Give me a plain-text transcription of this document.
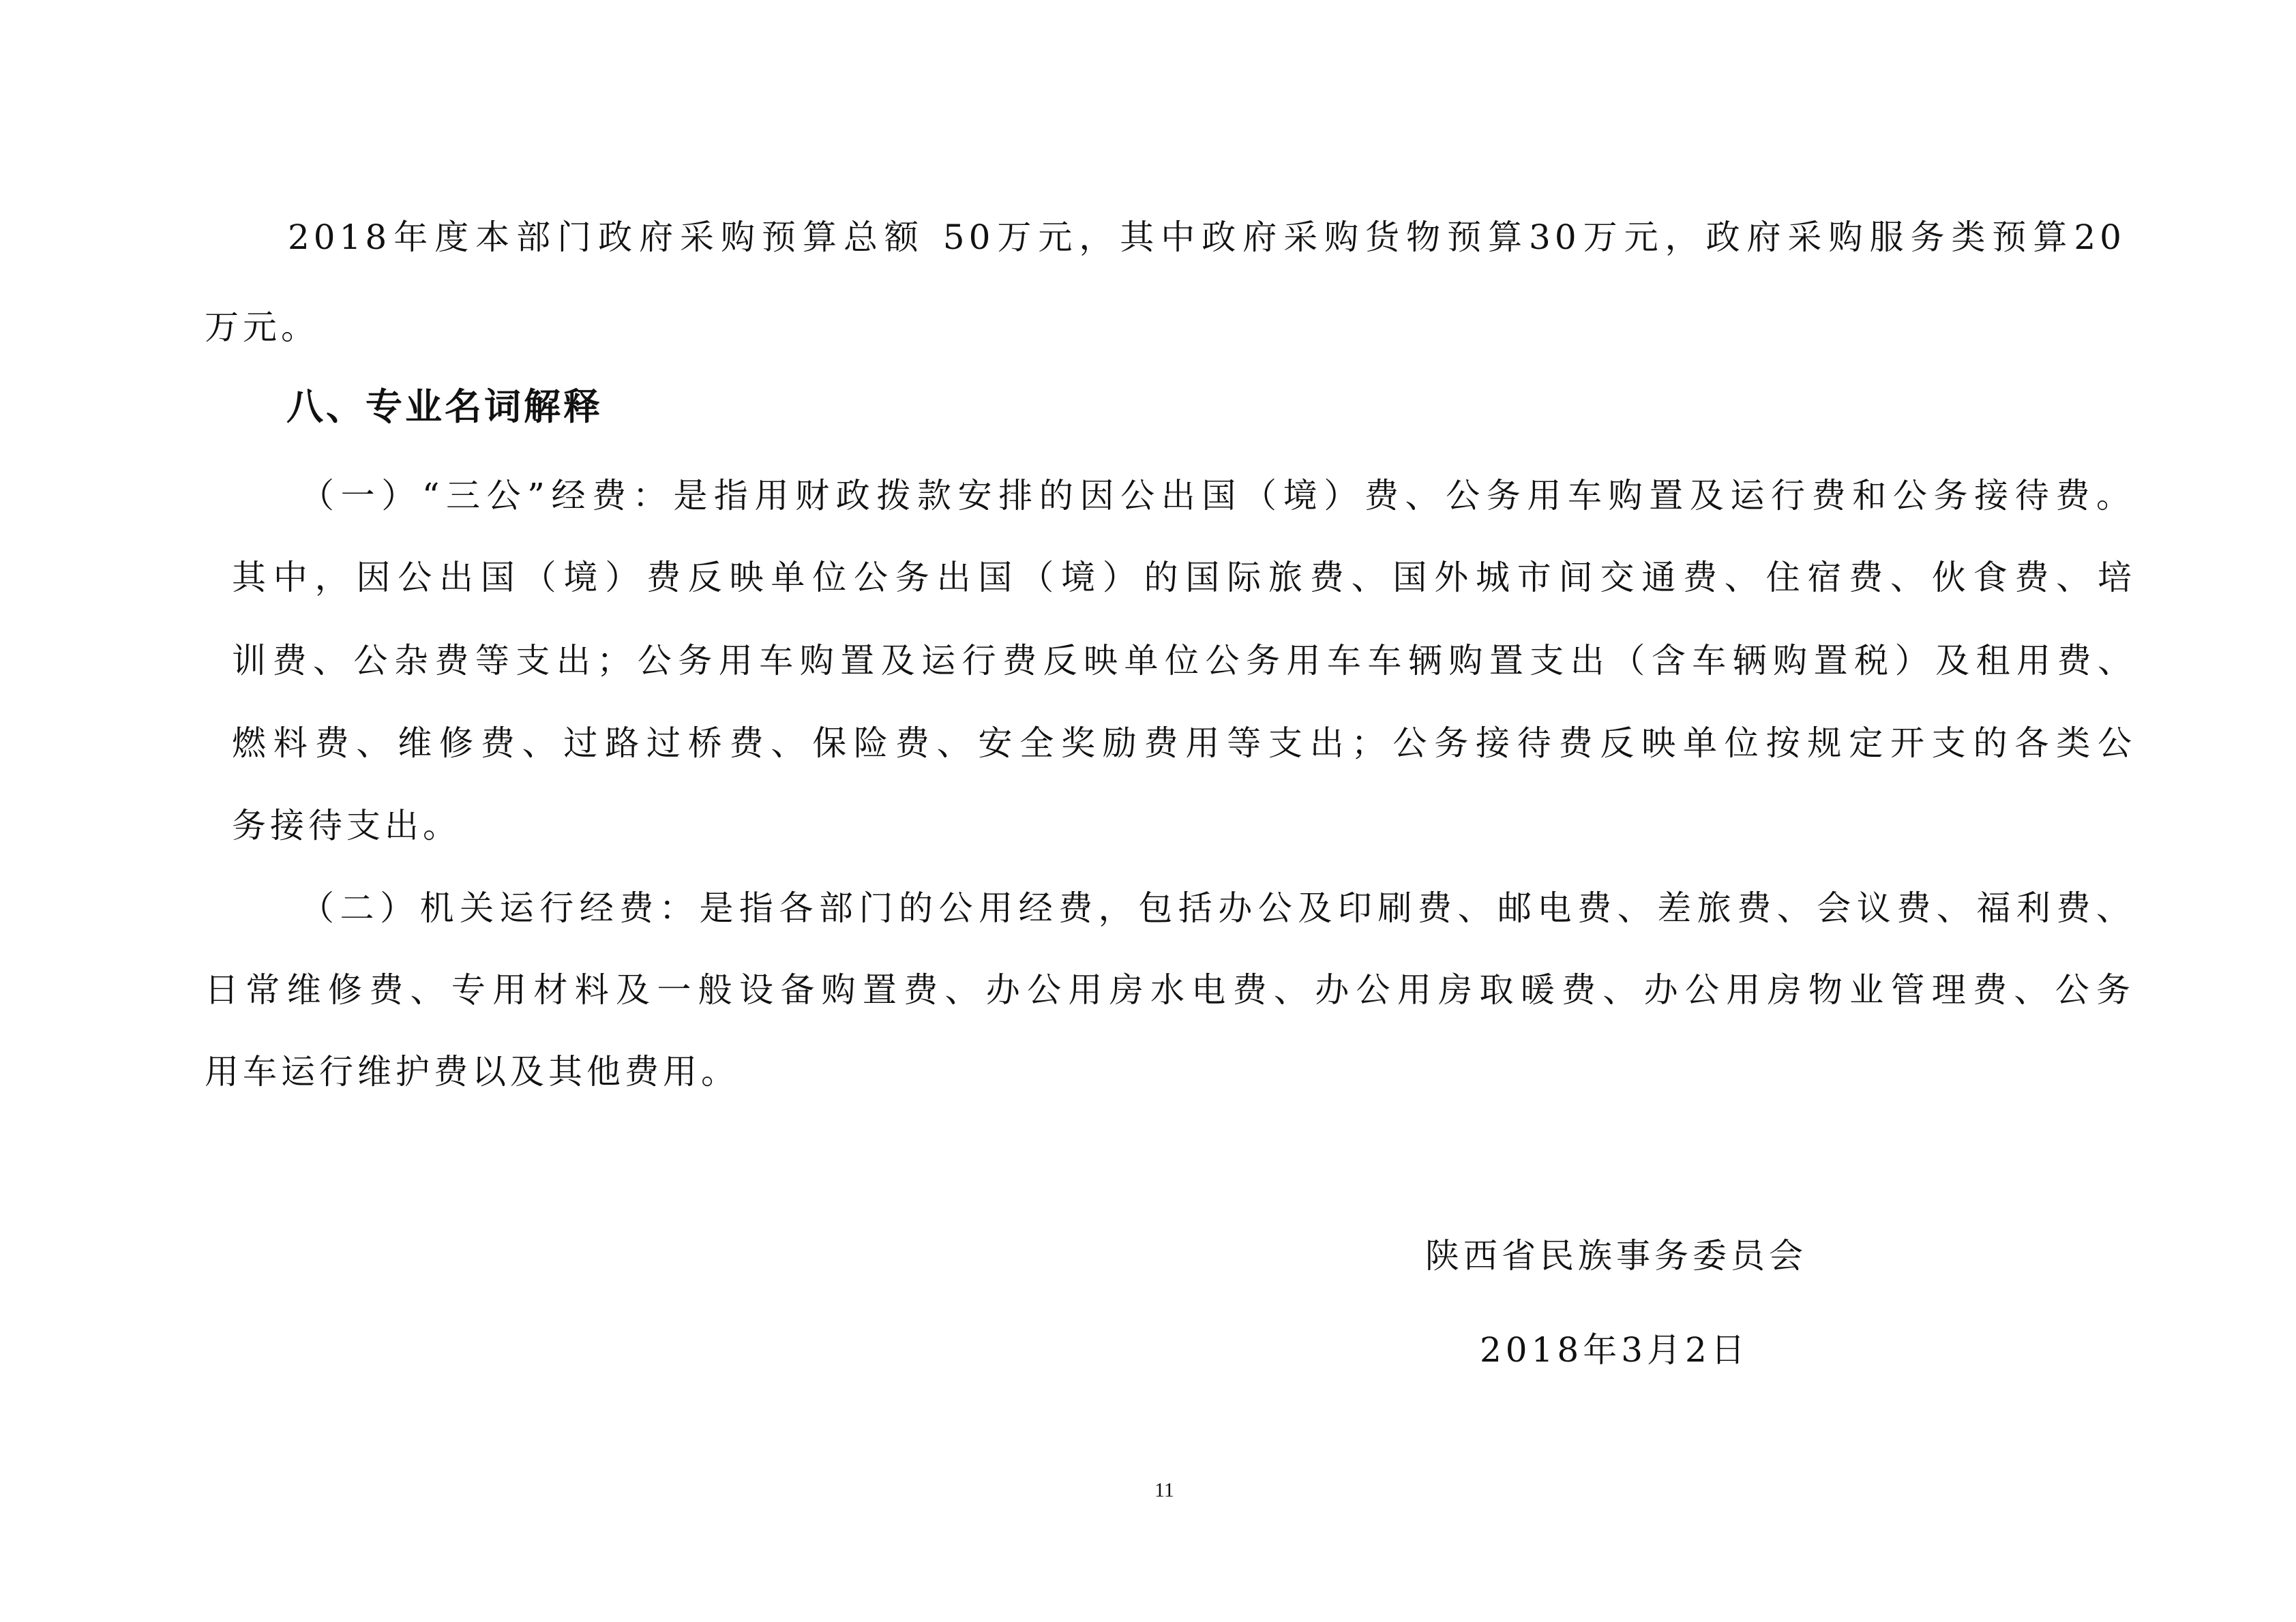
2018年度本部门政府采购预算总额 50万元，其中政府采购货物预算30万元，政府采购服务类预算20
万元。
八、专业名词解释
（一）“三公”经费：是指用财政拨款安排的因公出国（境）费、公务用车购置及运行费和公务接待费。
其中，因公出国（境）费反映单位公务出国（境）的国际旅费、国外城市间交通费、住宿费、伙食费、培
训费、公杂费等支出；公务用车购置及运行费反映单位公务用车车辆购置支出（含车辆购置税）及租用费、
燃料费、维修费、过路过桥费、保险费、安全奖励费用等支出；公务接待费反映单位按规定开支的各类公
务接待支出。
（二）机关运行经费：是指各部门的公用经费，包括办公及印刷费、邮电费、差旅费、会议费、福利费、
日常维修费、专用材料及一般设备购置费、办公用房水电费、办公用房取暖费、办公用房物业管理费、公务
用车运行维护费以及其他费用。
陕西省民族事务委员会
2018年3月2日
11
